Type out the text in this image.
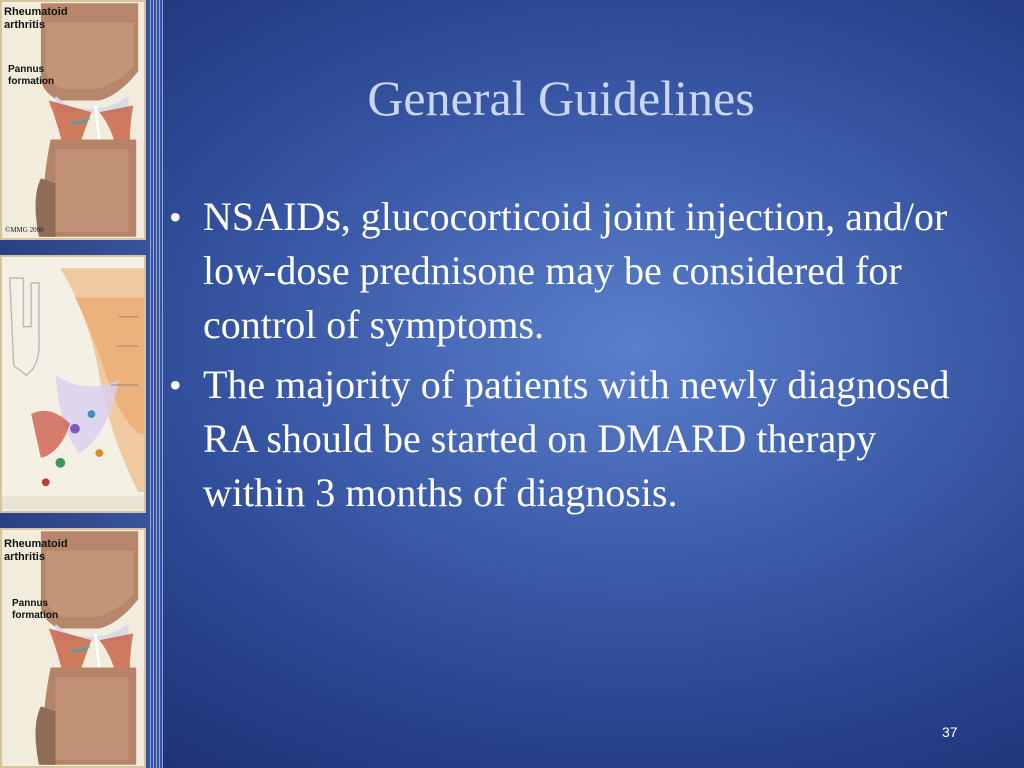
Rheumatoid
arthritis
Pannus
formation
©MMG 2000
Rheumatoid
arthritis
Pannus
formation
General Guidelines
• NSAIDs, glucocorticoid joint injection, and/or low-dose prednisone may be considered for control of symptoms.
• The majority of patients with newly diagnosed RA should be started on DMARD therapy within 3 months of diagnosis.
37
